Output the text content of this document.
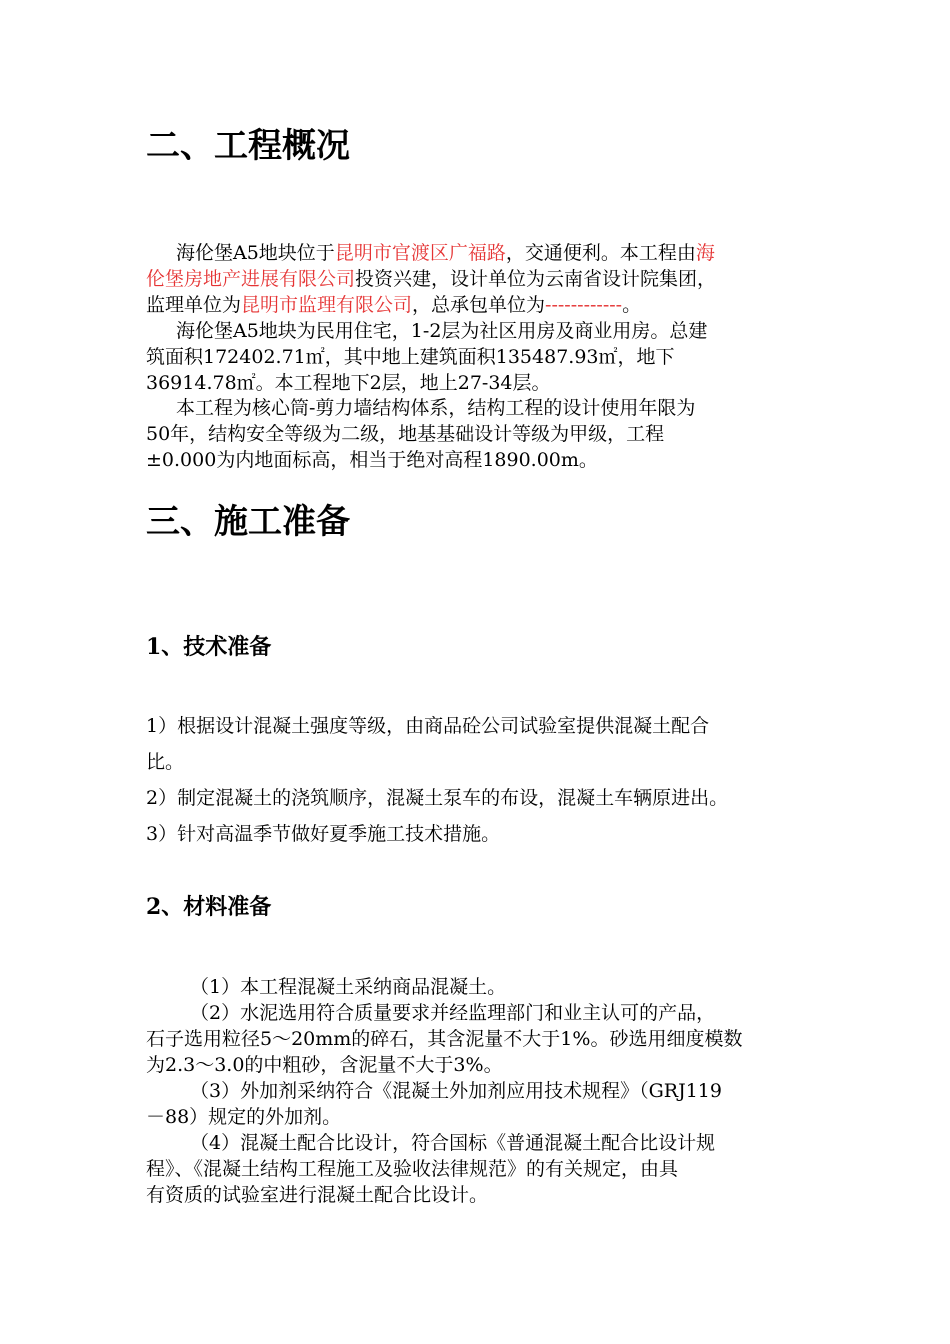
二、工程概况
海伦堡A5地块位于昆明市官渡区广福路，交通便利。本工程由海
伦堡房地产进展有限公司投资兴建，设计单位为云南省设计院集团，
监理单位为昆明市监理有限公司，总承包单位为------------。
海伦堡A5地块为民用住宅，1-2层为社区用房及商业用房。总建
筑面积172402.71㎡，其中地上建筑面积135487.93㎡，地下
36914.78㎡。本工程地下2层，地上27-34层。
本工程为核心筒-剪力墙结构体系，结构工程的设计使用年限为
50年，结构安全等级为二级，地基基础设计等级为甲级，工程
±0.000为内地面标高，相当于绝对高程1890.00m。
三、施工准备
1、技术准备
1）根据设计混凝土强度等级，由商品砼公司试验室提供混凝土配合
比。
2）制定混凝土的浇筑顺序，混凝土泵车的布设，混凝土车辆原进出。
3）针对高温季节做好夏季施工技术措施。
2、材料准备
（1）本工程混凝土采纳商品混凝土。
（2）水泥选用符合质量要求并经监理部门和业主认可的产品，
石子选用粒径5～20mm的碎石，其含泥量不大于1%。砂选用细度模数
为2.3～3.0的中粗砂，含泥量不大于3%。
（3）外加剂采纳符合《混凝土外加剂应用技术规程》（GRJ119
－88）规定的外加剂。
（4）混凝土配合比设计，符合国标《普通混凝土配合比设计规
程》、《混凝土结构工程施工及验收法律规范》的有关规定，由具
有资质的试验室进行混凝土配合比设计。
